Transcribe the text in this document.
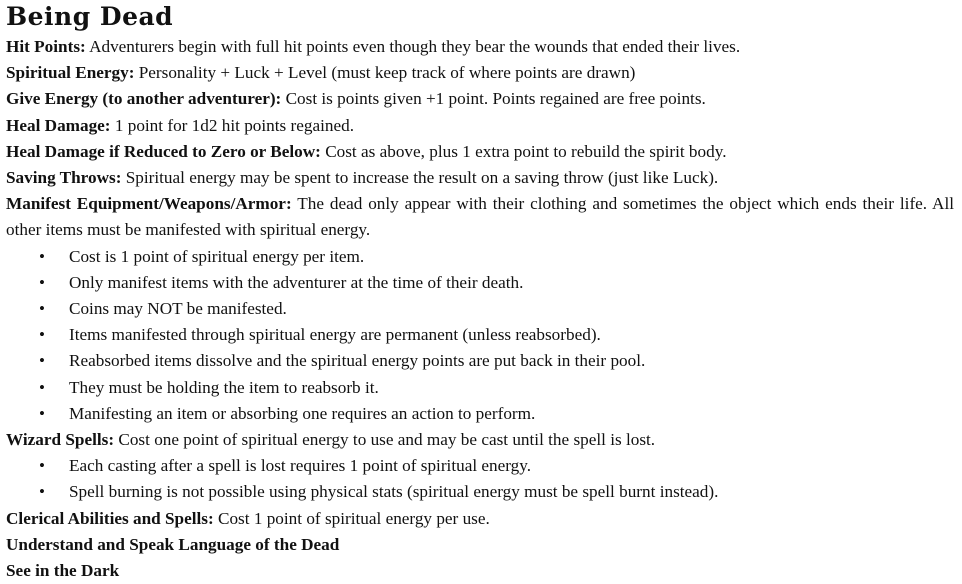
Being Dead

Hit Points: Adventurers begin with full hit points even though they bear the wounds that ended their lives.

Spiritual Energy: Personality + Luck + Level (must keep track of where points are drawn)

Give Energy (to another adventurer): Cost is points given +1 point. Points regained are free points.

Heal Damage: 1 point for 1d2 hit points regained.

Heal Damage if Reduced to Zero or Below: Cost as above, plus 1 extra point to rebuild the spirit body.

Saving Throws: Spiritual energy may be spent to increase the result on a saving throw (just like Luck).

Manifest Equipment/Weapons/Armor: The dead only appear with their clothing and sometimes the object which ends their life. All other items must be manifested with spiritual energy.

• Cost is 1 point of spiritual energy per item.
• Only manifest items with the adventurer at the time of their death.
• Coins may NOT be manifested.
• Items manifested through spiritual energy are permanent (unless reabsorbed).
• Reabsorbed items dissolve and the spiritual energy points are put back in their pool.
• They must be holding the item to reabsorb it.
• Manifesting an item or absorbing one requires an action to perform.

Wizard Spells: Cost one point of spiritual energy to use and may be cast until the spell is lost.

• Each casting after a spell is lost requires 1 point of spiritual energy.
• Spell burning is not possible using physical stats (spiritual energy must be spell burnt instead).

Clerical Abilities and Spells: Cost 1 point of spiritual energy per use.

Understand and Speak Language of the Dead

See in the Dark
